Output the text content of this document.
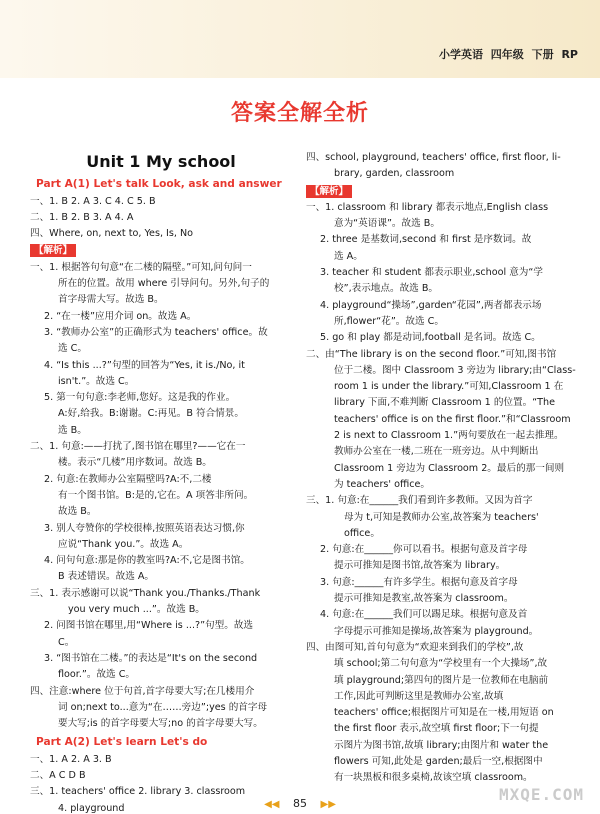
小学英语 四年级 下册 RP
答案全解全析
Unit 1 My school
Part A(1) Let's talk Look, ask and answer
一、1. B 2. A 3. C 4. C 5. B
二、1. B 2. B 3. A 4. A
四、Where, on, next to, Yes, Is, No
【解析】
一、1. 根据答句句意“在二楼的隔壁。”可知,问句问一
所在的位置。故用 where 引导问句。另外,句子的
首字母需大写。故选 B。
2. “在一楼”应用介词 on。故选 A。
3. “教师办公室”的正确形式为 teachers' office。故
选 C。
4. “Is this ...?”句型的回答为“Yes, it is./No, it
isn't.”。故选 C。
5. 第一句句意:李老师,您好。这是我的作业。
A:好,给我。B:谢谢。C:再见。B 符合情景。
选 B。
二、1. 句意:——打扰了,图书馆在哪里?——它在一
楼。表示“几楼”用序数词。故选 B。
2. 句意:在教师办公室隔壁吗?A:不,二楼
有一个图书馆。B:是的,它在。A 项答非所问。
故选 B。
3. 别人夸赞你的学校很棒,按照英语表达习惯,你
应说“Thank you.”。故选 A。
4. 问句句意:那是你的教室吗?A:不,它是图书馆。
B 表述错误。故选 A。
三、1. 表示感谢可以说“Thank you./Thanks./Thank
you very much ...”。故选 B。
2. 问图书馆在哪里,用“Where is ...?”句型。故选
C。
3. “图书馆在二楼。”的表达是“It's on the second
floor.”。故选 C。
四、注意:where 位于句首,首字母要大写;在几楼用介
词 on;next to...意为“在……旁边”;yes 的首字母
要大写;is 的首字母要大写;no 的首字母要大写。
Part A(2) Let's learn Let's do
一、1. A 2. A 3. B
二、A C D B
三、1. teachers' office 2. library 3. classroom
4. playground
四、school, playground, teachers' office, first floor, li-
brary, garden, classroom
【解析】
一、1. classroom 和 library 都表示地点,English class
意为“英语课”。故选 B。
2. three 是基数词,second 和 first 是序数词。故
选 A。
3. teacher 和 student 都表示职业,school 意为“学
校”,表示地点。故选 B。
4. playground“操场”,garden“花园”,两者都表示场
所,flower“花”。故选 C。
5. go 和 play 都是动词,football 是名词。故选 C。
二、由“The library is on the second floor.”可知,图书馆
位于二楼。图中 Classroom 3 旁边为 library;由“Class-
room 1 is under the library.”可知,Classroom 1 在
library 下面,不难判断 Classroom 1 的位置。“The
teachers' office is on the first floor.”和“Classroom
2 is next to Classroom 1.”两句要放在一起去推理。
教师办公室在一楼,二班在一班旁边。从中判断出
Classroom 1 旁边为 Classroom 2。最后的那一间则
为 teachers' office。
三、1. 句意:在______我们看到许多教师。又因为首字
母为 t,可知是教师办公室,故答案为 teachers'
office。
2. 句意:在______你可以看书。根据句意及首字母
提示可推知是图书馆,故答案为 library。
3. 句意:______有许多学生。根据句意及首字母
提示可推知是教室,故答案为 classroom。
4. 句意:在______我们可以踢足球。根据句意及首
字母提示可推知是操场,故答案为 playground。
四、由图可知,首句句意为“欢迎来到我们的学校”,故
填 school;第二句句意为“学校里有一个大操场”,故
填 playground;第四句的图片是一位教师在电脑前
工作,因此可判断这里是教师办公室,故填
teachers' office;根据图片可知是在一楼,用短语 on
the first floor 表示,故空填 first floor;下一句提
示图片为图书馆,故填 library;由图片和 water the
flowers 可知,此处是 garden;最后一空,根据图中
有一块黑板和很多桌椅,故该空填 classroom。
◀◀ 85 ▶▶
MXQE.COM
